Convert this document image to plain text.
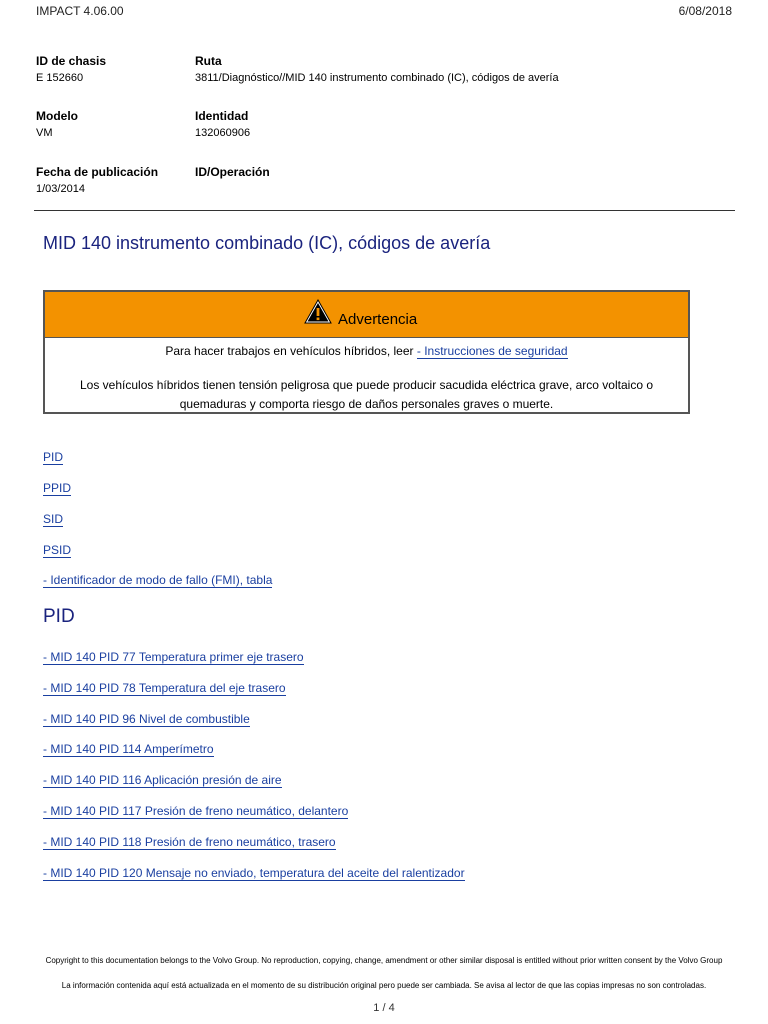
IMPACT 4.06.00	6/08/2018
ID de chasis
E 152660
Ruta
3811/Diagnóstico//MID 140 instrumento combinado (IC), códigos de avería
Modelo
VM
Identidad
132060906
Fecha de publicación
1/03/2014
ID/Operación
MID 140 instrumento combinado (IC), códigos de avería
Advertencia
Para hacer trabajos en vehículos híbridos, leer - Instrucciones de seguridad
Los vehículos híbridos tienen tensión peligrosa que puede producir sacudida eléctrica grave, arco voltaico o quemaduras y comporta riesgo de daños personales graves o muerte.
PID
PPID
SID
PSID
- Identificador de modo de fallo (FMI), tabla
PID
- MID 140 PID 77 Temperatura primer eje trasero
- MID 140 PID 78 Temperatura del eje trasero
- MID 140 PID 96 Nivel de combustible
- MID 140 PID 114 Amperímetro
- MID 140 PID 116 Aplicación presión de aire
- MID 140 PID 117 Presión de freno neumático, delantero
- MID 140 PID 118 Presión de freno neumático, trasero
- MID 140 PID 120 Mensaje no enviado, temperatura del aceite del ralentizador
Copyright to this documentation belongs to the Volvo Group. No reproduction, copying, change, amendment or other similar disposal is entitled without prior written consent by the Volvo Group
La información contenida aquí está actualizada en el momento de su distribución original pero puede ser cambiada. Se avisa al lector de que las copias impresas no son controladas.
1 / 4
